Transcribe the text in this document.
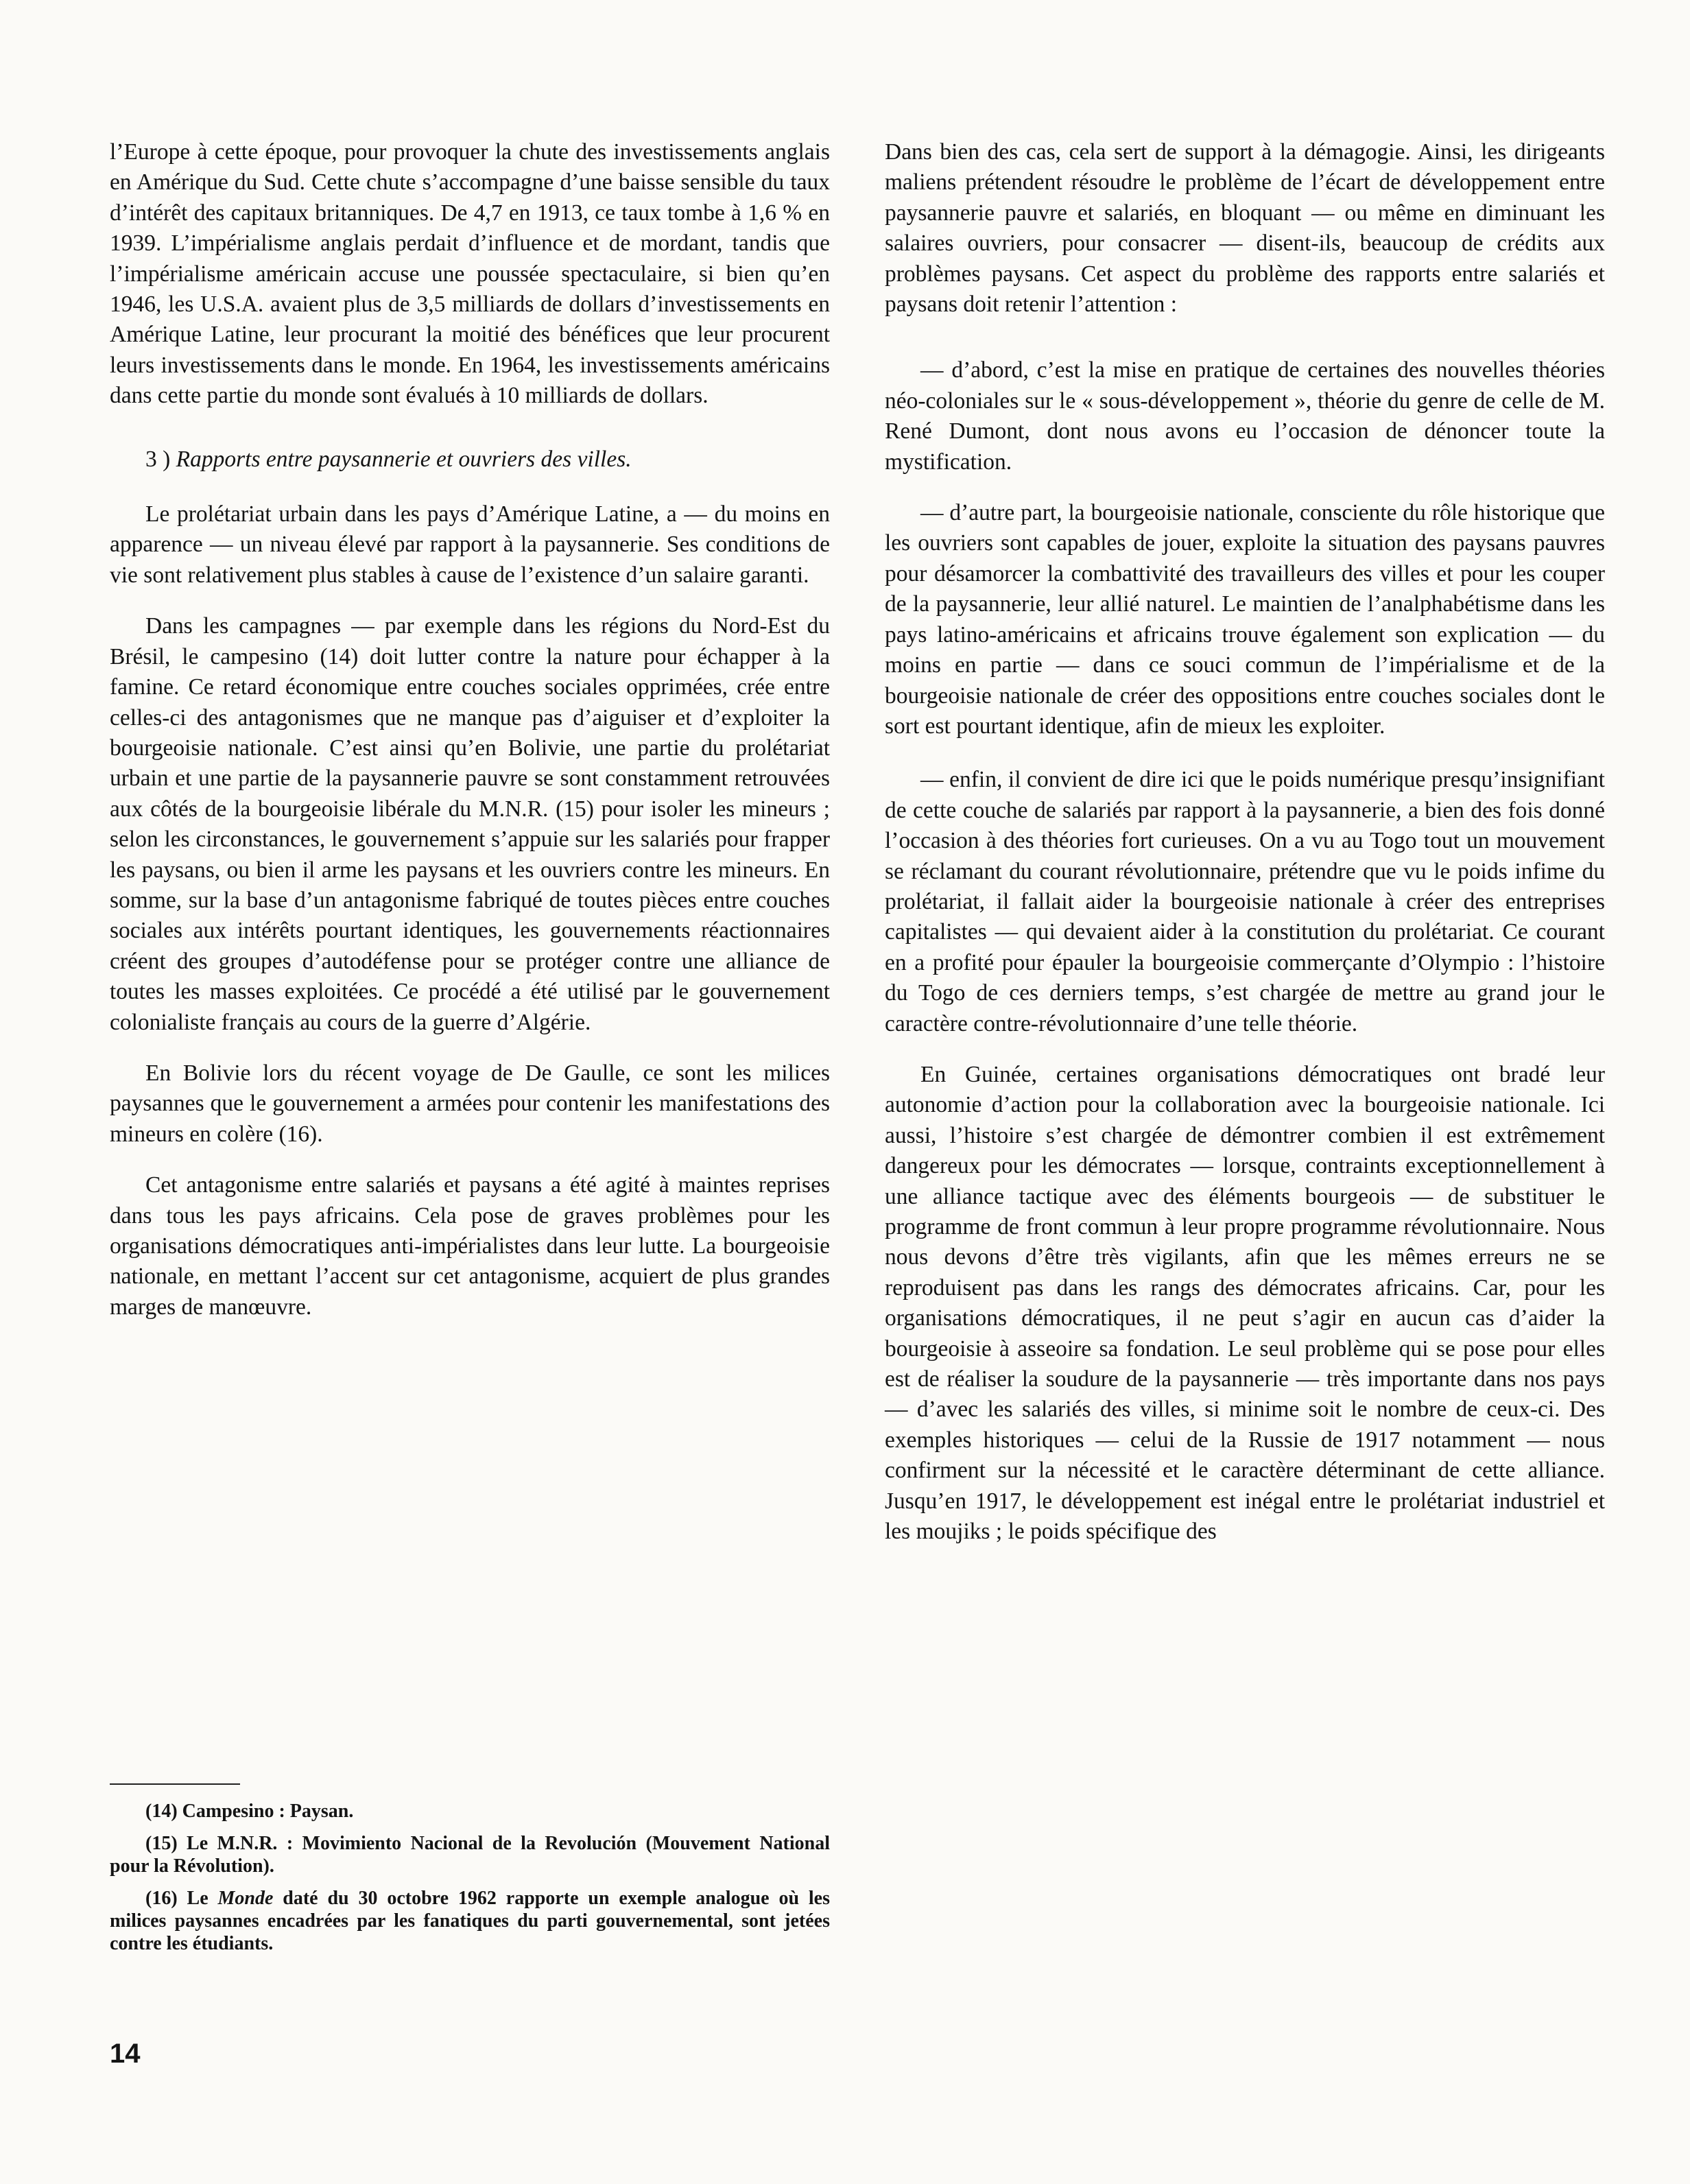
l’Europe à cette époque, pour provoquer la chute des investissements anglais en Amérique du Sud. Cette chute s’accompagne d’une baisse sensible du taux d’intérêt des capitaux britanniques. De 4,7 en 1913, ce taux tombe à 1,6 % en 1939. L’impérialisme anglais perdait d’influence et de mordant, tandis que l’impérialisme américain accuse une poussée spectaculaire, si bien qu’en 1946, les U.S.A. avaient plus de 3,5 milliards de dollars d’investissements en Amérique Latine, leur procurant la moitié des bénéfices que leur procurent leurs investissements dans le monde. En 1964, les investissements américains dans cette partie du monde sont évalués à 10 milliards de dollars.

3 ) Rapports entre paysannerie et ouvriers des villes.

Le prolétariat urbain dans les pays d’Amérique Latine, a — du moins en apparence — un niveau élevé par rapport à la paysannerie. Ses conditions de vie sont relativement plus stables à cause de l’existence d’un salaire garanti.

Dans les campagnes — par exemple dans les régions du Nord-Est du Brésil, le campesino (14) doit lutter contre la nature pour échapper à la famine. Ce retard économique entre couches sociales opprimées, crée entre celles-ci des antagonismes que ne manque pas d’aiguiser et d’exploiter la bourgeoisie nationale. C’est ainsi qu’en Bolivie, une partie du prolétariat urbain et une partie de la paysannerie pauvre se sont constamment retrouvées aux côtés de la bourgeoisie libérale du M.N.R. (15) pour isoler les mineurs ; selon les circonstances, le gouvernement s’appuie sur les salariés pour frapper les paysans, ou bien il arme les paysans et les ouvriers contre les mineurs. En somme, sur la base d’un antagonisme fabriqué de toutes pièces entre couches sociales aux intérêts pourtant identiques, les gouvernements réactionnaires créent des groupes d’autodéfense pour se protéger contre une alliance de toutes les masses exploitées. Ce procédé a été utilisé par le gouvernement colonialiste français au cours de la guerre d’Algérie.

En Bolivie lors du récent voyage de De Gaulle, ce sont les milices paysannes que le gouvernement a armées pour contenir les manifestations des mineurs en colère (16).

Cet antagonisme entre salariés et paysans a été agité à maintes reprises dans tous les pays africains. Cela pose de graves problèmes pour les organisations démocratiques anti-impérialistes dans leur lutte. La bourgeoisie nationale, en mettant l’accent sur cet antagonisme, acquiert de plus grandes marges de manœuvre.

(14) Campesino : Paysan.

(15) Le M.N.R. : Movimiento Nacional de la Revolución (Mouvement National pour la Révolution).

(16) Le Monde daté du 30 octobre 1962 rapporte un exemple analogue où les milices paysannes encadrées par les fanatiques du parti gouvernemental, sont jetées contre les étudiants.

14

Dans bien des cas, cela sert de support à la démagogie. Ainsi, les dirigeants maliens prétendent résoudre le problème de l’écart de développement entre paysannerie pauvre et salariés, en bloquant — ou même en diminuant les salaires ouvriers, pour consacrer — disent-ils, beaucoup de crédits aux problèmes paysans. Cet aspect du problème des rapports entre salariés et paysans doit retenir l’attention :

— d’abord, c’est la mise en pratique de certaines des nouvelles théories néo-coloniales sur le « sous-développement », théorie du genre de celle de M. René Dumont, dont nous avons eu l’occasion de dénoncer toute la mystification.

— d’autre part, la bourgeoisie nationale, consciente du rôle historique que les ouvriers sont capables de jouer, exploite la situation des paysans pauvres pour désamorcer la combattivité des travailleurs des villes et pour les couper de la paysannerie, leur allié naturel. Le maintien de l’analphabétisme dans les pays latino-américains et africains trouve également son explication — du moins en partie — dans ce souci commun de l’impérialisme et de la bourgeoisie nationale de créer des oppositions entre couches sociales dont le sort est pourtant identique, afin de mieux les exploiter.

— enfin, il convient de dire ici que le poids numérique presqu’insignifiant de cette couche de salariés par rapport à la paysannerie, a bien des fois donné l’occasion à des théories fort curieuses. On a vu au Togo tout un mouvement se réclamant du courant révolutionnaire, prétendre que vu le poids infime du prolétariat, il fallait aider la bourgeoisie nationale à créer des entreprises capitalistes — qui devaient aider à la constitution du prolétariat. Ce courant en a profité pour épauler la bourgeoisie commerçante d’Olympio : l’histoire du Togo de ces derniers temps, s’est chargée de mettre au grand jour le caractère contre-révolutionnaire d’une telle théorie.

En Guinée, certaines organisations démocratiques ont bradé leur autonomie d’action pour la collaboration avec la bourgeoisie nationale. Ici aussi, l’histoire s’est chargée de démontrer combien il est extrêmement dangereux pour les démocrates — lorsque, contraints exceptionnellement à une alliance tactique avec des éléments bourgeois — de substituer le programme de front commun à leur propre programme révolutionnaire. Nous nous devons d’être très vigilants, afin que les mêmes erreurs ne se reproduisent pas dans les rangs des démocrates africains. Car, pour les organisations démocratiques, il ne peut s’agir en aucun cas d’aider la bourgeoisie à asseoire sa fondation. Le seul problème qui se pose pour elles est de réaliser la soudure de la paysannerie — très importante dans nos pays — d’avec les salariés des villes, si minime soit le nombre de ceux-ci. Des exemples historiques — celui de la Russie de 1917 notamment — nous confirment sur la nécessité et le caractère déterminant de cette alliance. Jusqu’en 1917, le développement est inégal entre le prolétariat industriel et les moujiks ; le poids spécifique des
